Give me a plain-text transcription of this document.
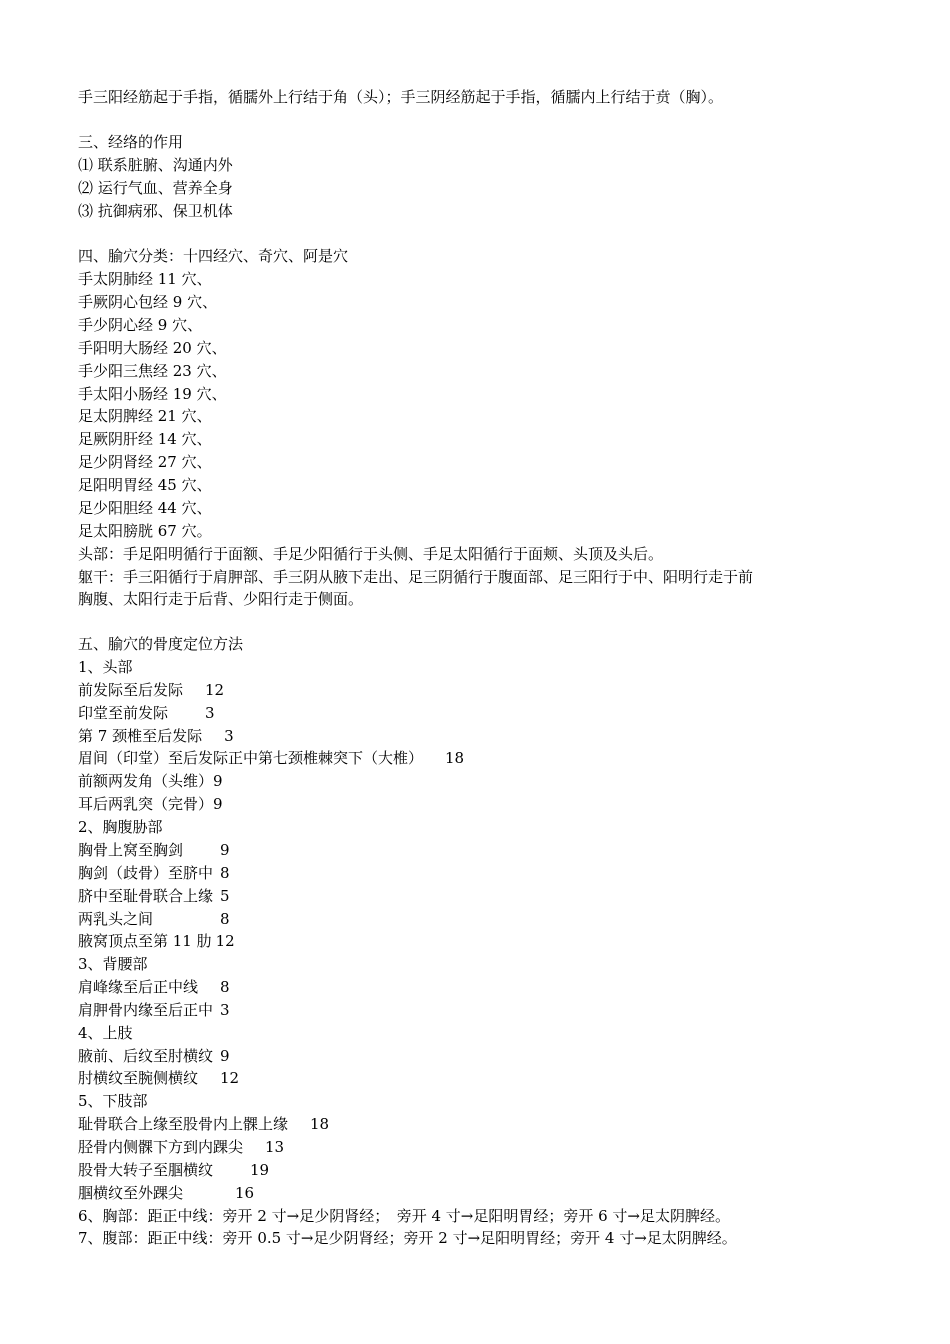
手三阳经筋起于手指，循臑外上行结于角（头）；手三阴经筋起于手指，循臑内上行结于贲（胸）。
三、经络的作用
⑴ 联系脏腑、沟通内外
⑵ 运行气血、营养全身
⑶ 抗御病邪、保卫机体
四、腧穴分类：十四经穴、奇穴、阿是穴
手太阴肺经 11 穴、
手厥阴心包经 9 穴、
手少阴心经 9 穴、
手阳明大肠经 20 穴、
手少阳三焦经 23 穴、
手太阳小肠经 19 穴、
足太阴脾经 21 穴、
足厥阴肝经 14 穴、
足少阴肾经 27 穴、
足阳明胃经 45 穴、
足少阳胆经 44 穴、
足太阳膀胱 67 穴。
头部：手足阳明循行于面额、手足少阳循行于头侧、手足太阳循行于面颊、头顶及头后。
躯干：手三阳循行于肩胛部、手三阴从腋下走出、足三阴循行于腹面部、足三阳行于中、阳明行走于前
胸腹、太阳行走于后背、少阳行走于侧面。
五、腧穴的骨度定位方法
1、头部
前发际至后发际 12
印堂至前发际 3
第 7 颈椎至后发际 3
眉间（印堂）至后发际正中第七颈椎棘突下（大椎） 18
前额两发角（头维）9
耳后两乳突（完骨）9
2、胸腹胁部
胸骨上窝至胸剑 9
胸剑（歧骨）至脐中 8
脐中至耻骨联合上缘 5
两乳头之间	8
腋窝顶点至第 11 肋 12
3、背腰部
肩峰缘至后正中线 8
肩胛骨内缘至后正中 3
4、上肢
腋前、后纹至肘横纹 9
肘横纹至腕侧横纹 12
5、下肢部
耻骨联合上缘至股骨内上髁上缘 18
胫骨内侧髁下方到内踝尖 13
股骨大转子至腘横纹 19
腘横纹至外踝尖	16
6、胸部：距正中线：旁开 2 寸→足少阴肾经；　旁开 4 寸→足阳明胃经；旁开 6 寸→足太阴脾经。
7、腹部：距正中线：旁开 0.5 寸→足少阴肾经；旁开 2 寸→足阳明胃经；旁开 4 寸→足太阴脾经。
